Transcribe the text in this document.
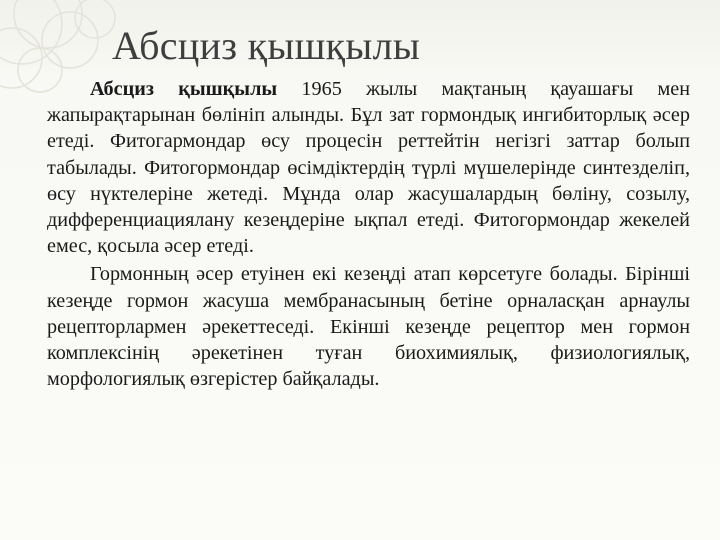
Абсциз қышқылы

Абсциз қышқылы 1965 жылы мақтаның қауашағы мен жапырақтарынан бөлініп алынды. Бұл зат гормондық ингибиторлық әсер етеді. Фитогармондар өсу процесін реттейтін негізгі заттар болып табылады. Фитогормондар өсімдіктердің түрлі мүшелерінде синтезделіп, өсу нүктелеріне жетеді. Мұнда олар жасушалардың бөліну, созылу, дифференциациялану кезеңдеріне ықпал етеді. Фитогормондар жекелей емес, қосыла әсер етеді.

Гормонның әсер етуінен екі кезеңді атап көрсетуге болады. Бірінші кезеңде гормон жасуша мембранасының бетіне орналасқан арнаулы рецепторлармен әрекеттеседі. Екінші кезеңде рецептор мен гормон комплексінің әрекетінен туған биохимиялық, физиологиялық, морфологиялық өзгерістер байқалады.
